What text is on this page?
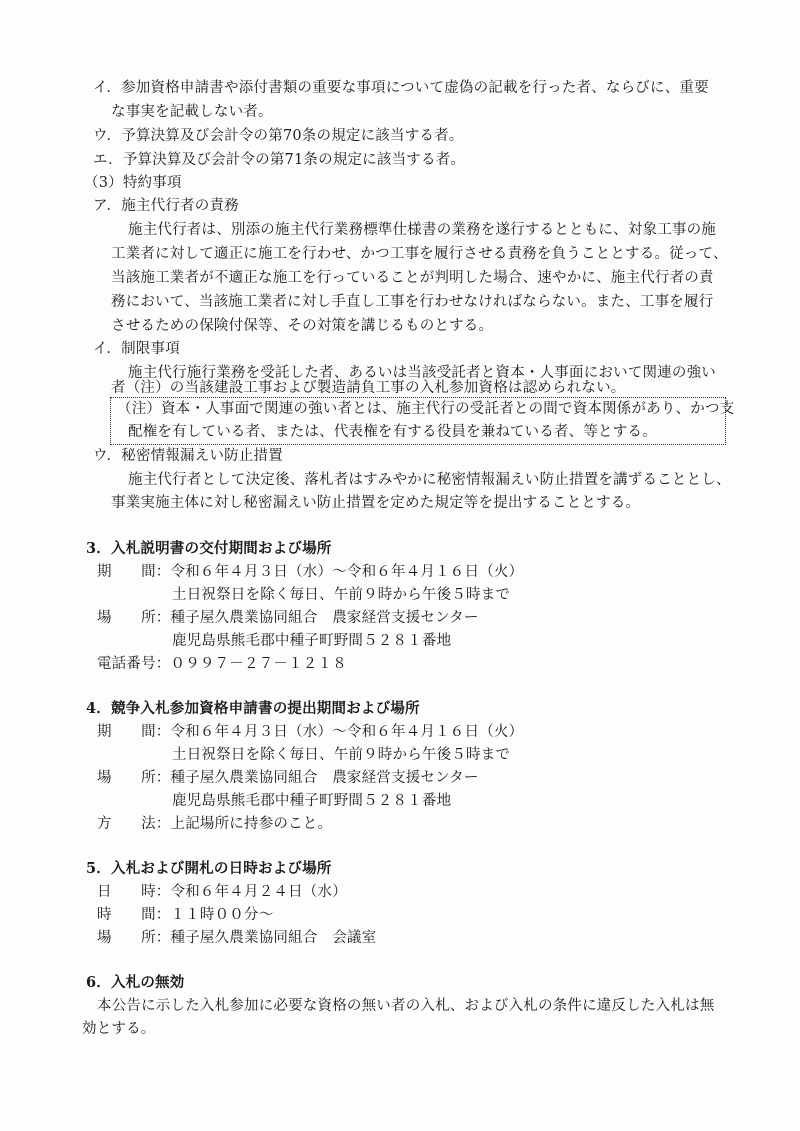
イ．参加資格申請書や添付書類の重要な事項について虚偽の記載を行った者、ならびに、重要
な事実を記載しない者。
ウ．予算決算及び会計令の第70条の規定に該当する者。
エ．予算決算及び会計令の第71条の規定に該当する者。
（3）特約事項
ア．施主代行者の責務
施主代行者は、別添の施主代行業務標準仕様書の業務を遂行するとともに、対象工事の施
工業者に対して適正に施工を行わせ、かつ工事を履行させる責務を負うこととする。従って、
当該施工業者が不適正な施工を行っていることが判明した場合、速やかに、施主代行者の責
務において、当該施工業者に対し手直し工事を行わせなければならない。また、工事を履行
させるための保険付保等、その対策を講じるものとする。
イ．制限事項
施主代行施行業務を受託した者、あるいは当該受託者と資本・人事面において関連の強い
者（注）の当該建設工事および製造請負工事の入札参加資格は認められない。
（注）資本・人事面で関連の強い者とは、施主代行の受託者との間で資本関係があり、かつ支
配権を有している者、または、代表権を有する役員を兼ねている者、等とする。
ウ．秘密情報漏えい防止措置
施主代行者として決定後、落札者はすみやかに秘密情報漏えい防止措置を講ずることとし、
事業実施主体に対し秘密漏えい防止措置を定めた規定等を提出することとする。
3．入札説明書の交付期間および場所
期　　間：令和６年４月３日（水）～令和６年４月１６日（火）
土日祝祭日を除く毎日、午前９時から午後５時まで
場　　所：種子屋久農業協同組合　農家経営支援センター
鹿児島県熊毛郡中種子町野間５２８１番地
電話番号：０９９７－２７－１２１８
4．競争入札参加資格申請書の提出期間および場所
期　　間：令和６年４月３日（水）～令和６年４月１６日（火）
土日祝祭日を除く毎日、午前９時から午後５時まで
場　　所：種子屋久農業協同組合　農家経営支援センター
鹿児島県熊毛郡中種子町野間５２８１番地
方　　法：上記場所に持参のこと。
5．入札および開札の日時および場所
日　　時：令和６年４月２４日（水）
時　　間：１１時００分～
場　　所：種子屋久農業協同組合　会議室
6．入札の無効
本公告に示した入札参加に必要な資格の無い者の入札、および入札の条件に違反した入札は無
効とする。
